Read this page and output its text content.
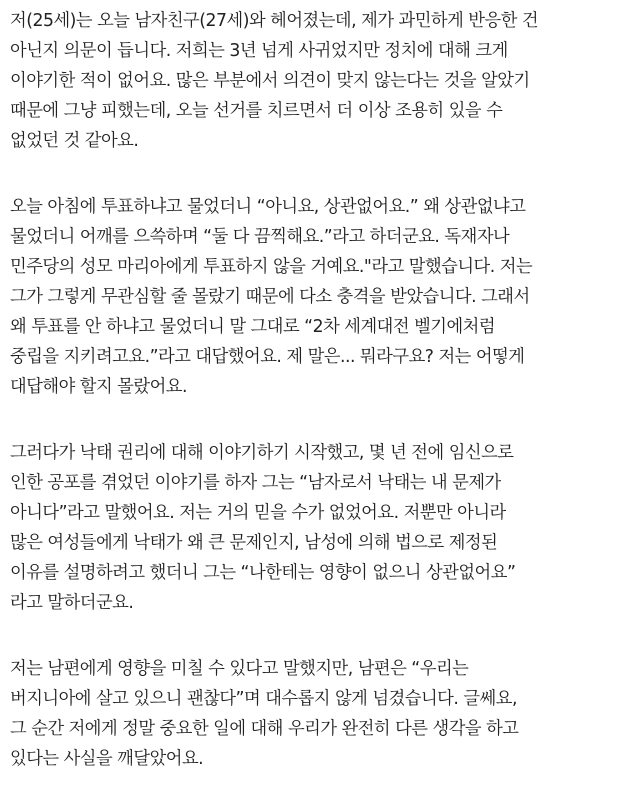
저(25세)는 오늘 남자친구(27세)와 헤어졌는데, 제가 과민하게 반응한 건
아닌지 의문이 듭니다. 저희는 3년 넘게 사귀었지만 정치에 대해 크게
이야기한 적이 없어요. 많은 부분에서 의견이 맞지 않는다는 것을 알았기
때문에 그냥 피했는데, 오늘 선거를 치르면서 더 이상 조용히 있을 수
없었던 것 같아요.
오늘 아침에 투표하냐고 물었더니 “아니요, 상관없어요.” 왜 상관없냐고
물었더니 어깨를 으쓱하며 “둘 다 끔찍해요.”라고 하더군요. 독재자나
민주당의 성모 마리아에게 투표하지 않을 거예요."라고 말했습니다. 저는
그가 그렇게 무관심할 줄 몰랐기 때문에 다소 충격을 받았습니다. 그래서
왜 투표를 안 하냐고 물었더니 말 그대로 “2차 세계대전 벨기에처럼
중립을 지키려고요.”라고 대답했어요. 제 말은... 뭐라구요? 저는 어떻게
대답해야 할지 몰랐어요.
그러다가 낙태 권리에 대해 이야기하기 시작했고, 몇 년 전에 임신으로
인한 공포를 겪었던 이야기를 하자 그는 “남자로서 낙태는 내 문제가
아니다”라고 말했어요. 저는 거의 믿을 수가 없었어요. 저뿐만 아니라
많은 여성들에게 낙태가 왜 큰 문제인지, 남성에 의해 법으로 제정된
이유를 설명하려고 했더니 그는 “나한테는 영향이 없으니 상관없어요”
라고 말하더군요.
저는 남편에게 영향을 미칠 수 있다고 말했지만, 남편은 “우리는
버지니아에 살고 있으니 괜찮다”며 대수롭지 않게 넘겼습니다. 글쎄요,
그 순간 저에게 정말 중요한 일에 대해 우리가 완전히 다른 생각을 하고
있다는 사실을 깨달았어요.
